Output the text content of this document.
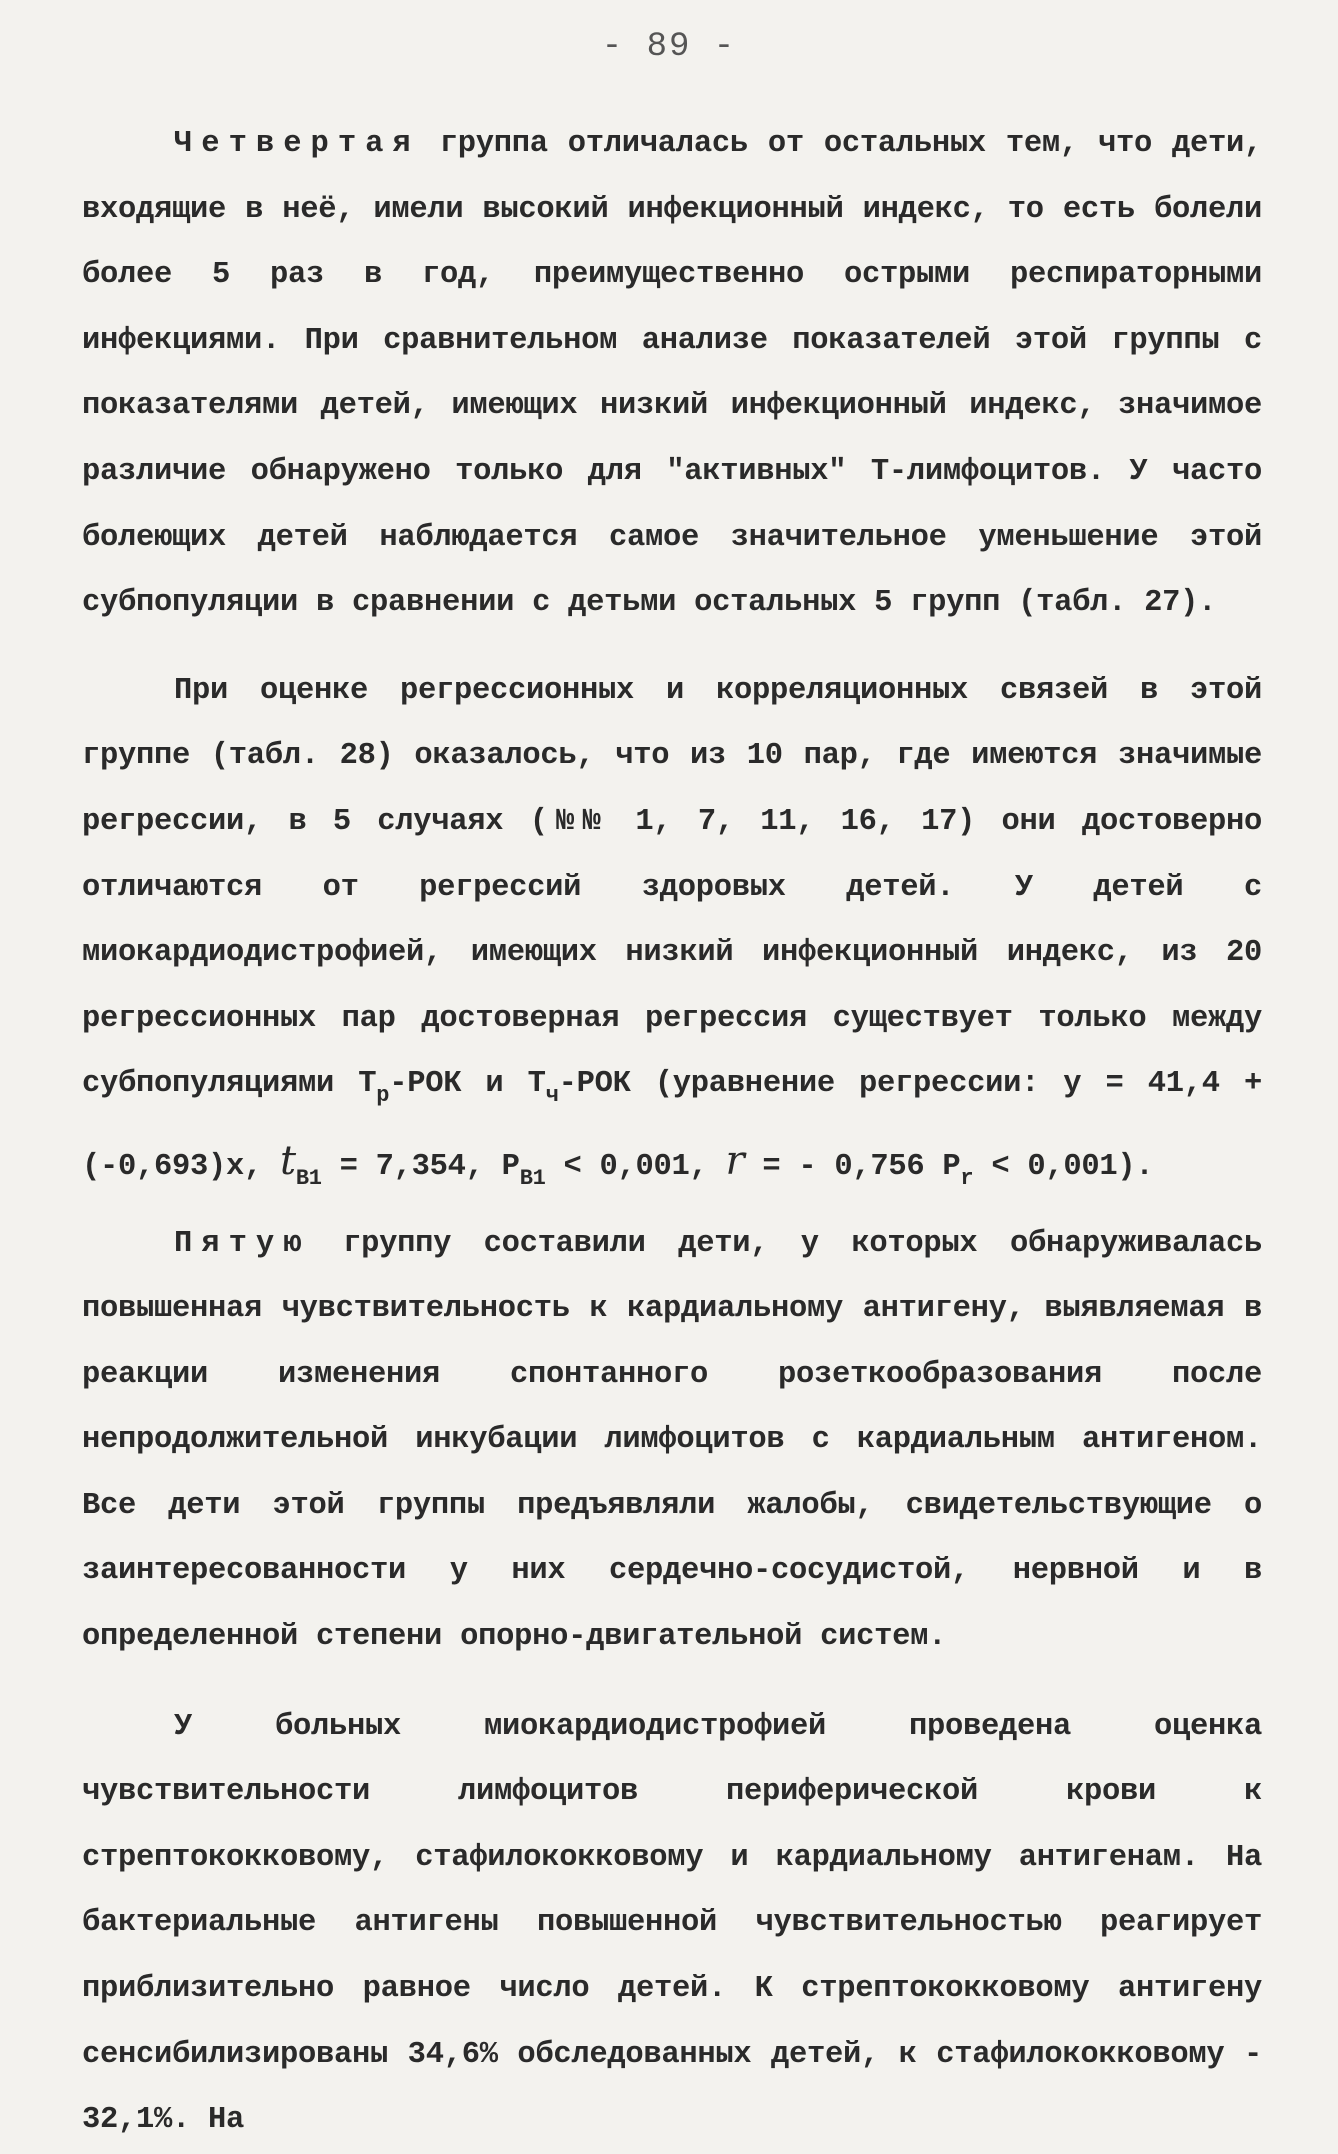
- 89 -

Четвертая группа отличалась от остальных тем, что дети, входящие в неё, имели высокий инфекционный индекс, то есть болели более 5 раз в год, преимущественно острыми респираторными инфекциями. При сравнительном анализе показателей этой группы с показателями детей, имеющих низкий инфекционный индекс, значимое различие обнаружено только для "активных" Т-лимфоцитов. У часто болеющих детей наблюдается самое значительное уменьшение этой субпопуляции в сравнении с детьми остальных 5 групп (табл. 27).

При оценке регрессионных и корреляционных связей в этой группе (табл. 28) оказалось, что из 10 пар, где имеются значимые регрессии, в 5 случаях (№№ 1, 7, 11, 16, 17) они достоверно отличаются от регрессий здоровых детей. У детей с миокардиодистрофией, имеющих низкий инфекционный индекс, из 20 регрессионных пар достоверная регрессия существует только между субпопуляциями $Т_р$-РОК и $Т_ч$-РОК (уравнение регрессии: у = 41,4 + (-0,693)х, $t_{B1} = 7,354$, $P_{B1} < 0,001$, r = - 0,756 $P_r < 0,001$).

Пятую группу составили дети, у которых обнаруживалась повышенная чувствительность к кардиальному антигену, выявляемая в реакции изменения спонтанного розеткообразования после непродолжительной инкубации лимфоцитов с кардиальным антигеном. Все дети этой группы предъявляли жалобы, свидетельствующие о заинтересованности у них сердечно-сосудистой, нервной и в определенной степени опорно-двигательной систем.

У больных миокардиодистрофией проведена оценка чувствительности лимфоцитов периферической крови к стрептококковому, стафилококковому и кардиальному антигенам. На бактериальные антигены повышенной чувствительностью реагирует приблизительно равное число детей. К стрептококковому антигену сенсибилизированы 34,6% обследованных детей, к стафилококковому - 32,1%. На
